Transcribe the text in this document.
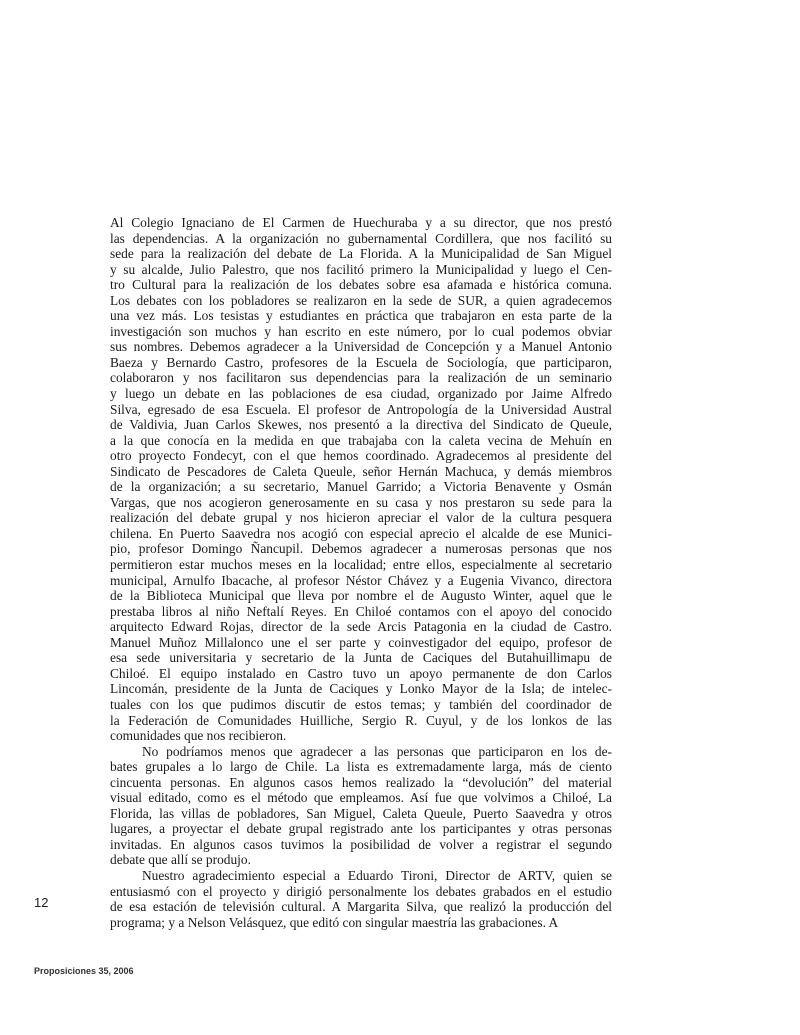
Al Colegio Ignaciano de El Carmen de Huechuraba y a su director, que nos prestó
las dependencias. A la organización no gubernamental Cordillera, que nos facilitó su
sede para la realización del debate de La Florida. A la Municipalidad de San Miguel
y su alcalde, Julio Palestro, que nos facilitó primero la Municipalidad y luego el Cen-
tro Cultural para la realización de los debates sobre esa afamada e histórica comuna.
Los debates con los pobladores se realizaron en la sede de SUR, a quien agradecemos
una vez más. Los tesistas y estudiantes en práctica que trabajaron en esta parte de la
investigación son muchos y han escrito en este número, por lo cual podemos obviar
sus nombres. Debemos agradecer a la Universidad de Concepción y a Manuel Antonio
Baeza y Bernardo Castro, profesores de la Escuela de Sociología, que participaron,
colaboraron y nos facilitaron sus dependencias para la realización de un seminario
y luego un debate en las poblaciones de esa ciudad, organizado por Jaime Alfredo
Silva, egresado de esa Escuela. El profesor de Antropología de la Universidad Austral
de Valdivia, Juan Carlos Skewes, nos presentó a la directiva del Sindicato de Queule,
a la que conocía en la medida en que trabajaba con la caleta vecina de Mehuín en
otro proyecto Fondecyt, con el que hemos coordinado. Agradecemos al presidente del
Sindicato de Pescadores de Caleta Queule, señor Hernán Machuca, y demás miembros
de la organización; a su secretario, Manuel Garrido; a Victoria Benavente y Osmán
Vargas, que nos acogieron generosamente en su casa y nos prestaron su sede para la
realización del debate grupal y nos hicieron apreciar el valor de la cultura pesquera
chilena. En Puerto Saavedra nos acogió con especial aprecio el alcalde de ese Munici-
pio, profesor Domingo Ñancupil. Debemos agradecer a numerosas personas que nos
permitieron estar muchos meses en la localidad; entre ellos, especialmente al secretario
municipal, Arnulfo Ibacache, al profesor Néstor Chávez y a Eugenia Vivanco, directora
de la Biblioteca Municipal que lleva por nombre el de Augusto Winter, aquel que le
prestaba libros al niño Neftalí Reyes. En Chiloé contamos con el apoyo del conocido
arquitecto Edward Rojas, director de la sede Arcis Patagonia en la ciudad de Castro.
Manuel Muñoz Millalonco une el ser parte y coinvestigador del equipo, profesor de
esa sede universitaria y secretario de la Junta de Caciques del Butahuillimapu de
Chiloé. El equipo instalado en Castro tuvo un apoyo permanente de don Carlos
Lincomán, presidente de la Junta de Caciques y Lonko Mayor de la Isla; de intelec-
tuales con los que pudimos discutir de estos temas; y también del coordinador de
la Federación de Comunidades Huilliche, Sergio R. Cuyul, y de los lonkos de las
comunidades que nos recibieron.
No podríamos menos que agradecer a las personas que participaron en los de-
bates grupales a lo largo de Chile. La lista es extremadamente larga, más de ciento
cincuenta personas. En algunos casos hemos realizado la “devolución” del material
visual editado, como es el método que empleamos. Así fue que volvimos a Chiloé, La
Florida, las villas de pobladores, San Miguel, Caleta Queule, Puerto Saavedra y otros
lugares, a proyectar el debate grupal registrado ante los participantes y otras personas
invitadas. En algunos casos tuvimos la posibilidad de volver a registrar el segundo
debate que allí se produjo.
Nuestro agradecimiento especial a Eduardo Tironi, Director de ARTV, quien se
entusiasmó con el proyecto y dirigió personalmente los debates grabados en el estudio
de esa estación de televisión cultural. A Margarita Silva, que realizó la producción del
programa; y a Nelson Velásquez, que editó con singular maestría las grabaciones. A
12
Proposiciones 35, 2006
